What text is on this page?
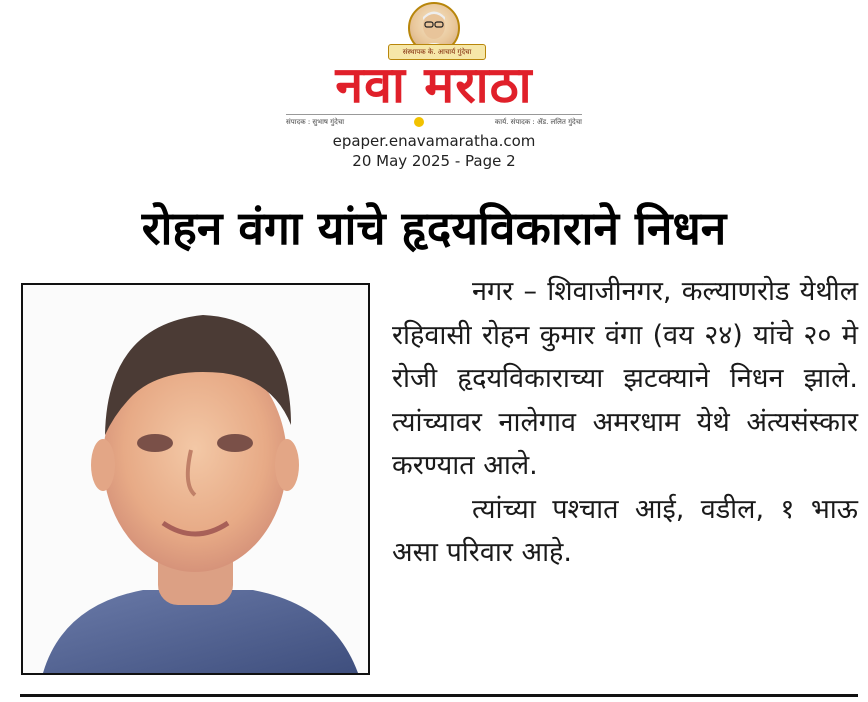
संस्थापक के. आचार्य गुंदेचा
नवा मराठा
संपादक : सुभाष गुंदेचा	कार्य. संपादक : ॲड. ललित गुंदेचा
epaper.enavamaratha.com
20 May 2025 - Page 2
रोहन वंगा यांचे हृदयविकाराने निधन

नगर – शिवाजीनगर, कल्याणरोड येथील रहिवासी रोहन कुमार वंगा (वय २४) यांचे २० मे रोजी हृदयविकाराच्या झटक्याने निधन झाले. त्यांच्यावर नालेगाव अमरधाम येथे अंत्यसंस्कार करण्यात आले.

त्यांच्या पश्चात आई, वडील, १ भाऊ असा परिवार आहे.
